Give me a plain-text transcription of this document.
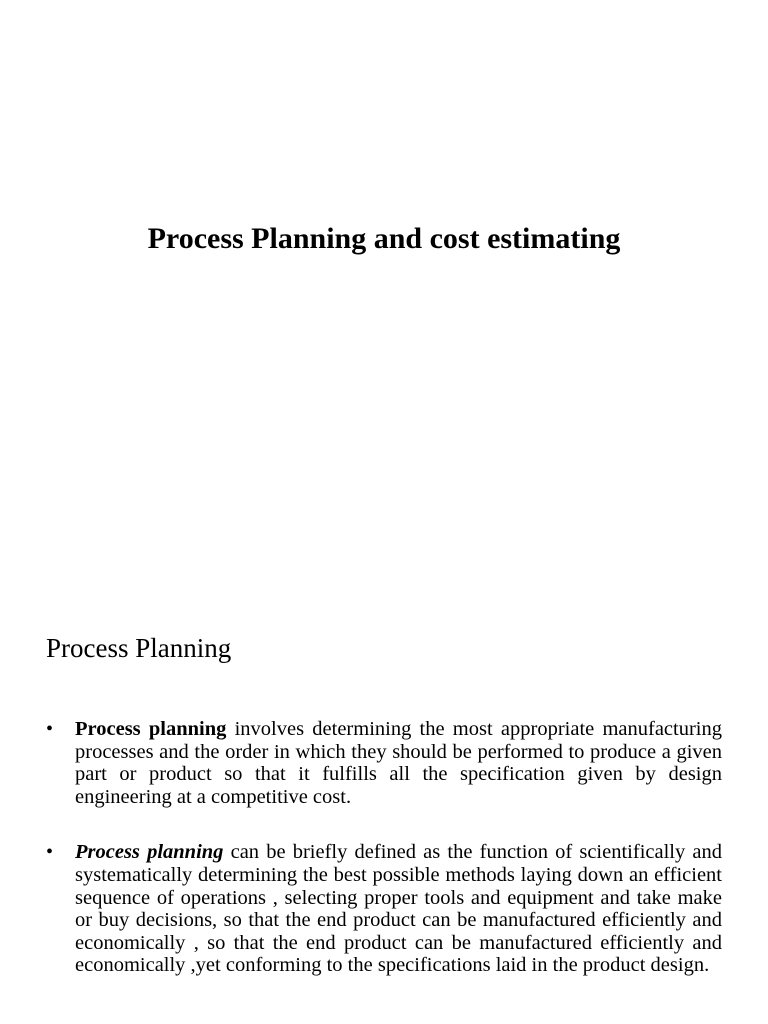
Process Planning and cost estimating
Process Planning
• Process planning involves determining the most appropriate manufacturing processes and the order in which they should be performed to produce a given part or product so that it fulfills all the specification given by design engineering at a competitive cost.
• Process planning can be briefly defined as the function of scientifically and systematically determining the best possible methods laying down an efficient sequence of operations , selecting proper tools and equipment and take make or buy decisions, so that the end product can be manufactured efficiently and economically , so that the end product can be manufactured efficiently and economically ,yet conforming to the specifications laid in the product design.
